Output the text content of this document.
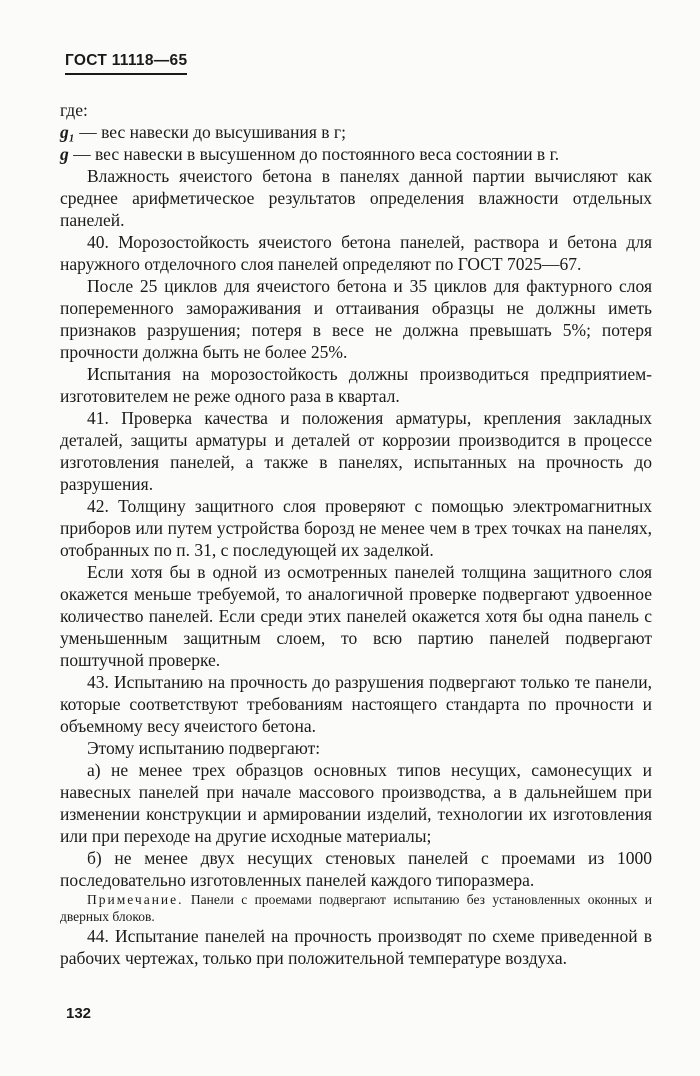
ГОСТ 11118—65

где:

g₁ — вес навески до высушивания в г;

g — вес навески в высушенном до постоянного веса состоянии в г.

Влажность ячеистого бетона в панелях данной партии вычисляют как среднее арифметическое результатов определения влажности отдельных панелей.

40. Морозостойкость ячеистого бетона панелей, раствора и бетона для наружного отделочного слоя панелей определяют по ГОСТ 7025—67.

После 25 циклов для ячеистого бетона и 35 циклов для фактурного слоя попеременного замораживания и оттаивания образцы не должны иметь признаков разрушения; потеря в весе не должна превышать 5%; потеря прочности должна быть не более 25%.

Испытания на морозостойкость должны производиться предприятием-изготовителем не реже одного раза в квартал.

41. Проверка качества и положения арматуры, крепления закладных деталей, защиты арматуры и деталей от коррозии производится в процессе изготовления панелей, а также в панелях, испытанных на прочность до разрушения.

42. Толщину защитного слоя проверяют с помощью электромагнитных приборов или путем устройства борозд не менее чем в трех точках на панелях, отобранных по п. 31, с последующей их заделкой.

Если хотя бы в одной из осмотренных панелей толщина защитного слоя окажется меньше требуемой, то аналогичной проверке подвергают удвоенное количество панелей. Если среди этих панелей окажется хотя бы одна панель с уменьшенным защитным слоем, то всю партию панелей подвергают поштучной проверке.

43. Испытанию на прочность до разрушения подвергают только те панели, которые соответствуют требованиям настоящего стандарта по прочности и объемному весу ячеистого бетона.

Этому испытанию подвергают:

а) не менее трех образцов основных типов несущих, самонесущих и навесных панелей при начале массового производства, а в дальнейшем при изменении конструкции и армировании изделий, технологии их изготовления или при переходе на другие исходные материалы;

б) не менее двух несущих стеновых панелей с проемами из 1000 последовательно изготовленных панелей каждого типоразмера.

Примечание. Панели с проемами подвергают испытанию без установленных оконных и дверных блоков.

44. Испытание панелей на прочность производят по схеме приведенной в рабочих чертежах, только при положительной температуре воздуха.

132
